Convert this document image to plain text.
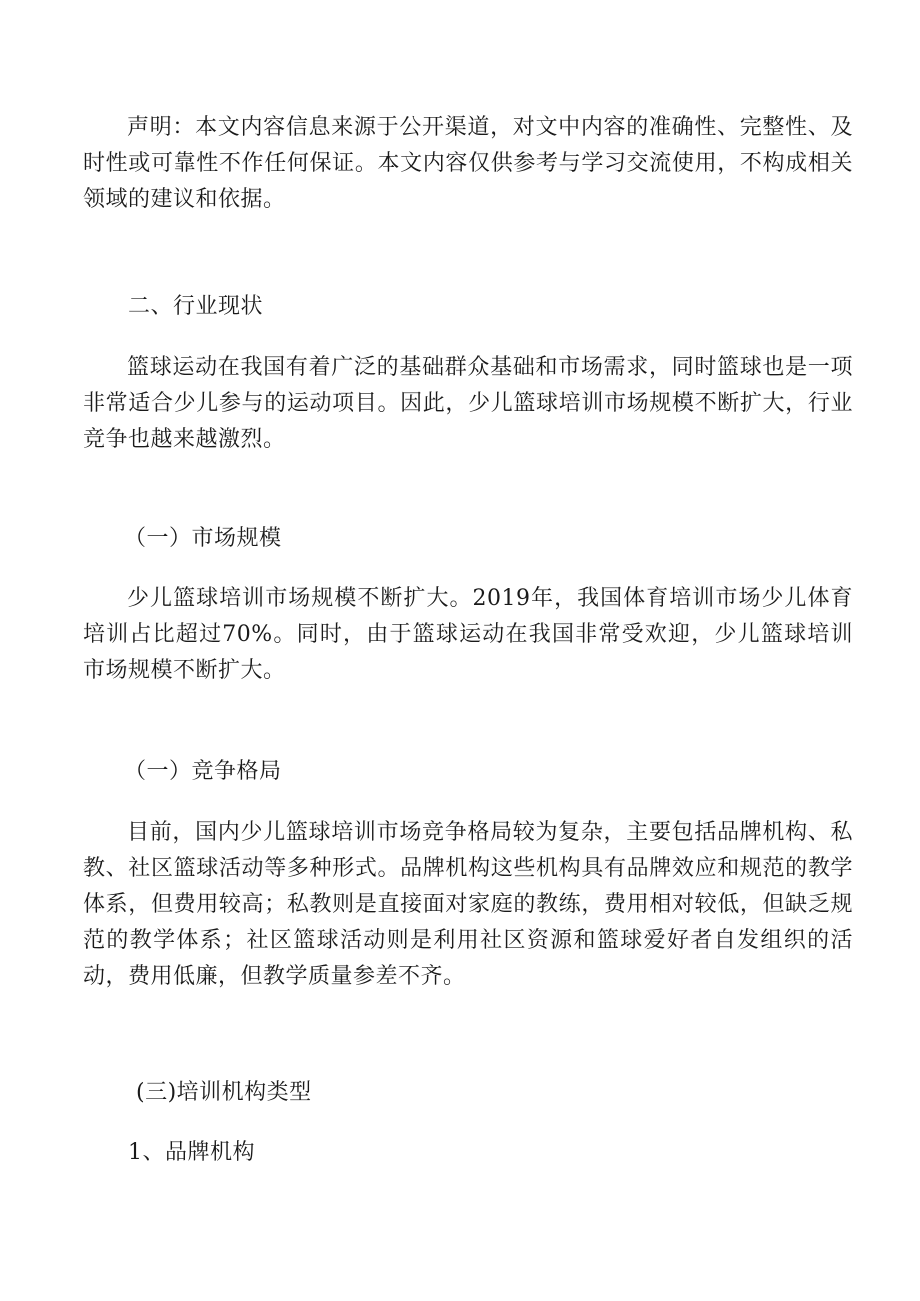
声明：本文内容信息来源于公开渠道，对文中内容的准确性、完整性、及时性或可靠性不作任何保证。本文内容仅供参考与学习交流使用，不构成相关领域的建议和依据。

二、行业现状

篮球运动在我国有着广泛的基础群众基础和市场需求，同时篮球也是一项非常适合少儿参与的运动项目。因此，少儿篮球培训市场规模不断扩大，行业竞争也越来越激烈。

（一）市场规模

少儿篮球培训市场规模不断扩大。2019年，我国体育培训市场少儿体育培训占比超过70%。同时，由于篮球运动在我国非常受欢迎，少儿篮球培训市场规模不断扩大。

（一）竞争格局

目前，国内少儿篮球培训市场竞争格局较为复杂，主要包括品牌机构、私教、社区篮球活动等多种形式。品牌机构这些机构具有品牌效应和规范的教学体系，但费用较高；私教则是直接面对家庭的教练，费用相对较低，但缺乏规范的教学体系；社区篮球活动则是利用社区资源和篮球爱好者自发组织的活动，费用低廉，但教学质量参差不齐。

(三)培训机构类型

1、品牌机构
